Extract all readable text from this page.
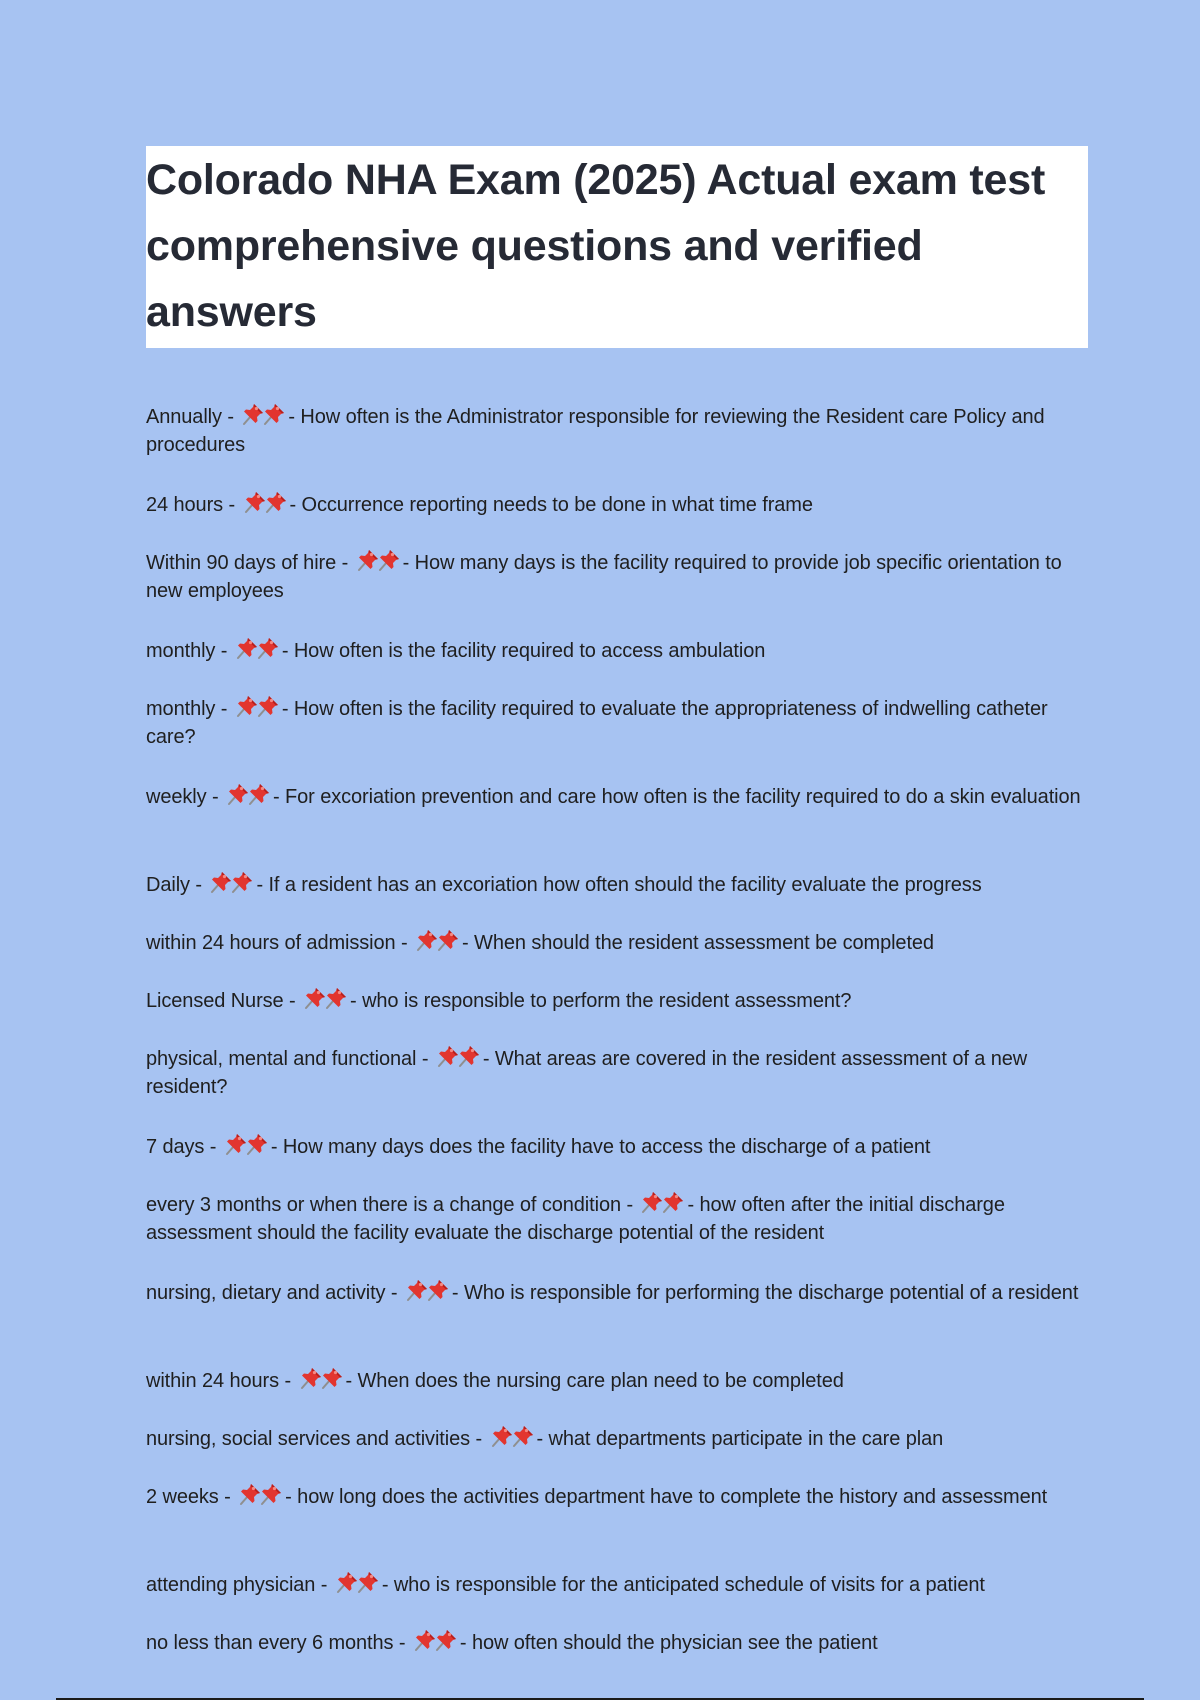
Colorado NHA Exam (2025) Actual exam test comprehensive questions and verified answers
Annually -
- How often is the Administrator responsible for reviewing the Resident care Policy and procedures
24 hours -
- Occurrence reporting needs to be done in what time frame
Within 90 days of hire -
- How many days is the facility required to provide job specific orientation to new employees
monthly -
- How often is the facility required to access ambulation
monthly -
- How often is the facility required to evaluate the appropriateness of indwelling catheter care?
weekly -
- For excoriation prevention and care how often is the facility required to do a skin evaluation
Daily -
- If a resident has an excoriation how often should the facility evaluate the progress
within 24 hours of admission -
- When should the resident assessment be completed
Licensed Nurse -
- who is responsible to perform the resident assessment?
physical, mental and functional -
- What areas are covered in the resident assessment of a new resident?
7 days -
- How many days does the facility have to access the discharge of a patient
every 3 months or when there is a change of condition -
- how often after the initial discharge assessment should the facility evaluate the discharge potential of the resident
nursing, dietary and activity -
- Who is responsible for performing the discharge potential of a resident
within 24 hours -
- When does the nursing care plan need to be completed
nursing, social services and activities -
- what departments participate in the care plan
2 weeks -
- how long does the activities department have to complete the history and assessment
attending physician -
- who is responsible for the anticipated schedule of visits for a patient
no less than every 6 months -
- how often should the physician see the patient
